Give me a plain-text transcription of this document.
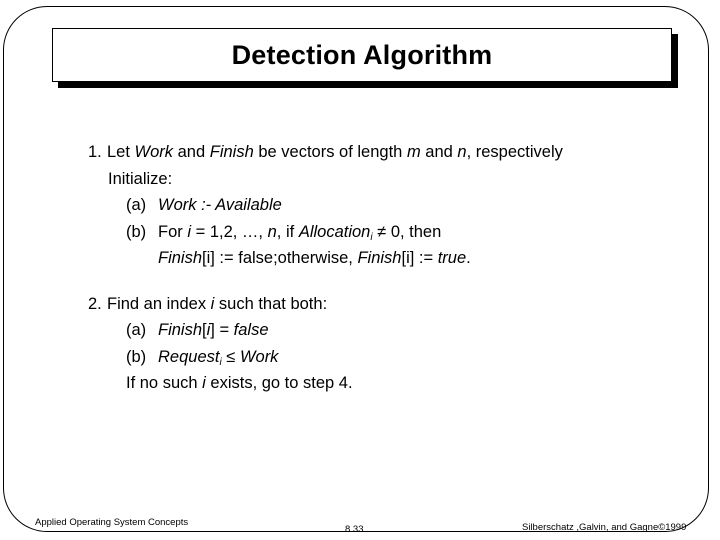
Detection Algorithm
1. Let Work and Finish be vectors of length m and n, respectively
Initialize:
(a) Work :- Available
(b) For i = 1,2, …, n, if Allocation$_i$ ≠ 0, then
Finish[i] := false;otherwise, Finish[i] := true.
2. Find an index i such that both:
(a) Finish[i] = false
(b) Request$_i$ ≤ Work
If no such i exists, go to step 4.
Applied Operating System Concepts
8.33	Silberschatz ,Galvin, and Gagne©1999
